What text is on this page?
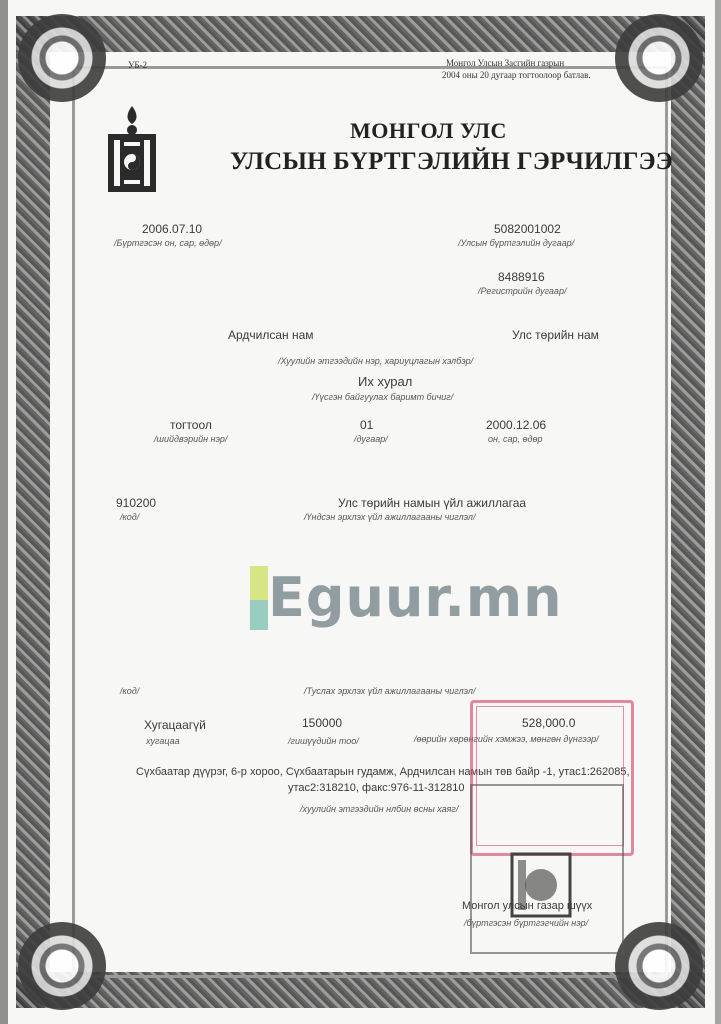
УБ-2	Монгол Улсын Засгийн газрын
2004 оны 20 дугаар тогтоолоор батлав.
МОНГОЛ УЛС
УЛСЫН БҮРТГЭЛИЙН ГЭРЧИЛГЭЭ
2006.07.10
/Бүртгэсэн он, сар, өдөр/
5082001002
/Улсын бүртгэлийн дугаар/
8488916
/Регистрийн дугаар/
Ардчилсан нам	Улс төрийн нам
/Хуулийн этгээдийн нэр, хариуцлагын хэлбэр/
Их хурал
/Үүсгэн байгуулах баримт бичиг/
тогтоол
/шийдвэрийн нэр/
01
/дугаар/
2000.12.06
он, сар, өдөр
910200
/код/
Улс төрийн намын үйл ажиллагаа
/Үндсэн эрхлэх үйл ажиллагааны чиглэл/
Eguur.mn
/код/	/Туслах эрхлэх үйл ажиллагааны чиглэл/
Хугацаагүй
хугацаа
150000
/гишүүдийн тоо/
528,000.0
/өөрийн хөрөнгийн хэмжээ, мөнгөн дүнгээр/
Сүхбаатар дүүрэг, 6-р хороо, Сүхбаатарын гудамж, Ардчилсан намын төв байр -1, утас1:262085,
утас2:318210, факс:976-11-312810
/хуулийн этгээдийн нлбин өсны хаяг/
Монгол улсын газар шүүх
/бүртгэсэн бүртгэгчийн нэр/
